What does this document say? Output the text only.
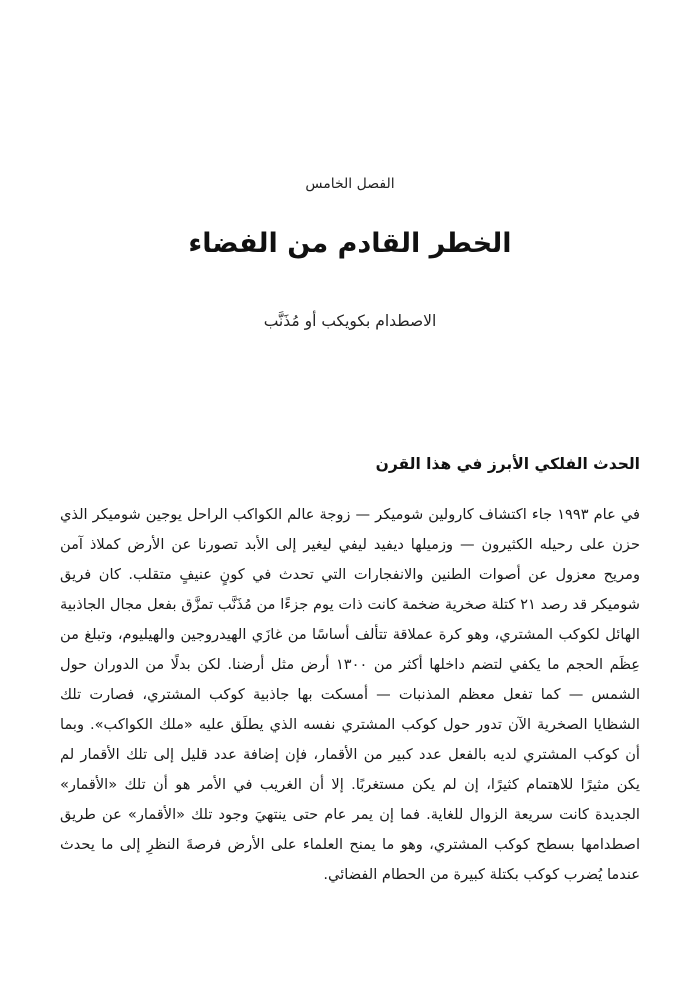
الفصل الخامس
الخطر القادم من الفضاء
الاصطدام بكويكب أو مُذَنَّب
الحدث الفلكي الأبرز في هذا القرن

في عام ١٩٩٣ جاء اكتشاف كارولين شوميكر — زوجة عالم الكواكب الراحل يوجين شوميكر الذي حزن على رحيله الكثيرون — وزميلها ديفيد ليفي ليغير إلى الأبد تصورنا عن الأرض كملاذ آمن ومريح معزول عن أصوات الطنين والانفجارات التي تحدث في كونٍ عنيفٍ متقلب. كان فريق شوميكر قد رصد ٢١ كتلة صخرية ضخمة كانت ذات يوم جزءًا من مُذَنَّب تمزَّق بفعل مجال الجاذبية الهائل لكوكب المشتري، وهو كرة عملاقة تتألف أساسًا من غازَي الهيدروجين والهيليوم، وتبلغ من عِظَم الحجم ما يكفي لتضم داخلها أكثر من ١٣٠٠ أرض مثل أرضنا. لكن بدلًا من الدوران حول الشمس — كما تفعل معظم المذنبات — أمسكت بها جاذبية كوكب المشتري، فصارت تلك الشظايا الصخرية الآن تدور حول كوكب المشتري نفسه الذي يطلَق عليه «ملك الكواكب». وبما أن كوكب المشتري لديه بالفعل عدد كبير من الأقمار، فإن إضافة عدد قليل إلى تلك الأقمار لم يكن مثيرًا للاهتمام كثيرًا، إن لم يكن مستغربًا. إلا أن الغريب في الأمر هو أن تلك «الأقمار» الجديدة كانت سريعة الزوال للغاية. فما إن يمر عام حتى ينتهيَ وجود تلك «الأقمار» عن طريق اصطدامها بسطح كوكب المشتري، وهو ما يمنح العلماء على الأرض فرصةَ النظرِ إلى ما يحدث عندما يُضرب كوكب بكتلة كبيرة من الحطام الفضائي.
